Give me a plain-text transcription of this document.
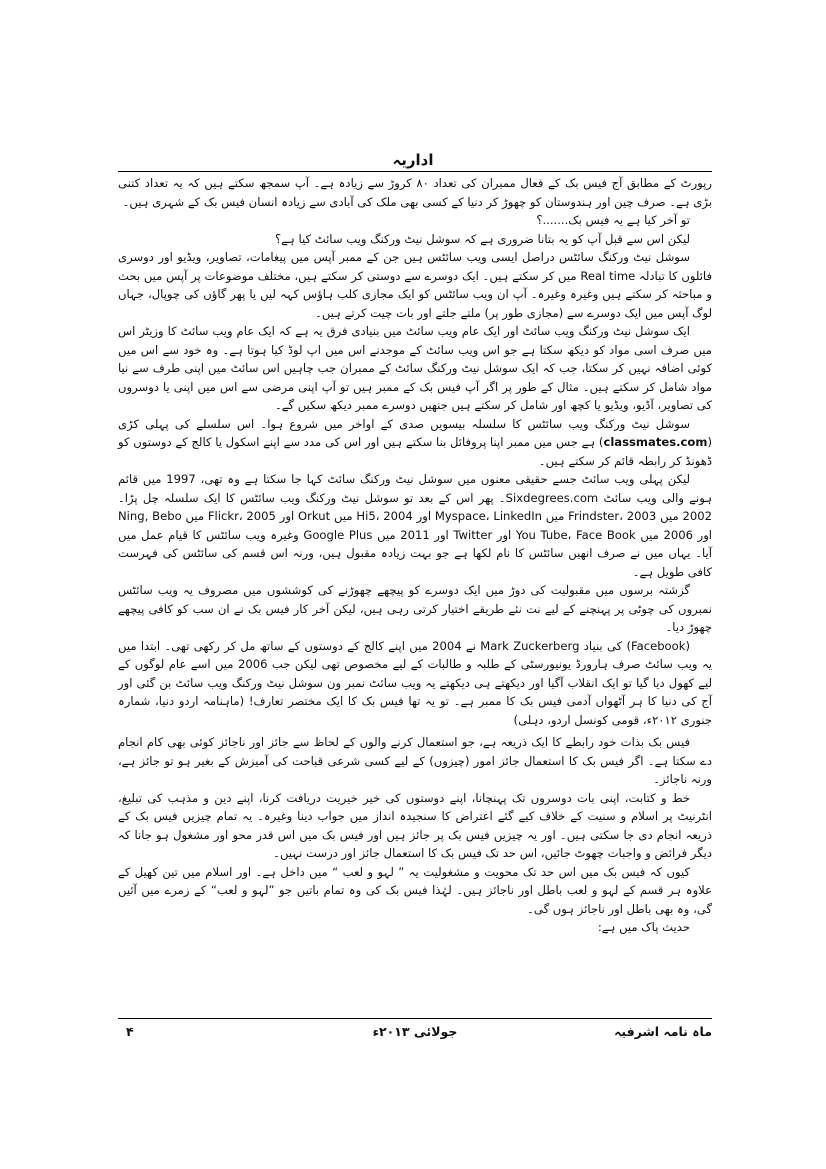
اداریہ

رپورٹ کے مطابق آج فیس بک کے فعال ممبران کی تعداد ۸۰ کروڑ سے زیادہ ہے۔ آپ سمجھ سکتے ہیں کہ یہ تعداد کتنی بڑی ہے۔ صرف چین اور ہندوستان کو چھوڑ کر دنیا کے کسی بھی ملک کی آبادی سے زیادہ انسان فیس بک کے شہری ہیں۔

تو آخر کیا ہے یہ فیس بک.......؟

لیکن اس سے قبل آپ کو یہ بتانا ضروری ہے کہ سوشل نیٹ ورکنگ ویب سائٹ کیا ہے؟

سوشل نیٹ ورکنگ سائٹس دراصل ایسی ویب سائٹس ہیں جن کے ممبر آپس میں پیغامات، تصاویر، ویڈیو اور دوسری فائلوں کا تبادلہ Real time میں کر سکتے ہیں۔ ایک دوسرے سے دوستی کر سکتے ہیں، مختلف موضوعات پر آپس میں بحث و مباحثہ کر سکتے ہیں وغیرہ وغیرہ۔ آپ ان ویب سائٹس کو ایک مجازی کلب ہاؤس کہہ لیں یا پھر گاؤں کی چوپال، جہاں لوگ آپس میں ایک دوسرے سے (مجازی طور پر) ملتے جلتے اور بات چیت کرتے ہیں۔

ایک سوشل نیٹ ورکنگ ویب سائٹ اور ایک عام ویب سائٹ میں بنیادی فرق یہ ہے کہ ایک عام ویب سائٹ کا وزیٹر اس میں صرف اسی مواد کو دیکھ سکتا ہے جو اس ویب سائٹ کے موجدنے اس میں اپ لوڈ کیا ہوتا ہے۔ وہ خود سے اس میں کوئی اضافہ نہیں کر سکتا، جب کہ ایک سوشل نیٹ ورکنگ سائٹ کے ممبران جب چاہیں اس سائٹ میں اپنی طرف سے نیا مواد شامل کر سکتے ہیں۔ مثال کے طور پر اگر آپ فیس بک کے ممبر ہیں تو آپ اپنی مرضی سے اس میں اپنی یا دوسروں کی تصاویر، آڈیو، ویڈیو یا کچھ اور شامل کر سکتے ہیں جنھیں دوسرے ممبر دیکھ سکیں گے۔

سوشل نیٹ ورکنگ ویب سائٹس کا سلسلہ بیسویں صدی کے اواخر میں شروع ہوا۔ اس سلسلے کی پہلی کڑی (classmates.com) ہے جس میں ممبر اپنا پروفائل بنا سکتے ہیں اور اس کی مدد سے اپنے اسکول یا کالج کے دوستوں کو ڈھونڈ کر رابطہ قائم کر سکتے ہیں۔

لیکن پہلی ویب سائٹ جسے حقیقی معنوں میں سوشل نیٹ ورکنگ سائٹ کہا جا سکتا ہے وہ تھی، 1997 میں قائم ہونے والی ویب سائٹ Sixdegrees.com۔ پھر اس کے بعد تو سوشل نیٹ ورکنگ ویب سائٹس کا ایک سلسلہ چل پڑا۔ 2002 میں Frindster، 2003 میں Myspace، LinkedIn اور Hi5، 2004 میں Orkut اور Flickr، 2005 میں Ning, Bebo اور 2006 میں You Tube، Face Book اور Twitter اور 2011 میں Google Plus وغیرہ ویب سائٹس کا قیام عمل میں آیا۔ یہاں میں نے صرف انھیں سائٹس کا نام لکھا ہے جو بہت زیادہ مقبول ہیں، ورنہ اس قسم کی سائٹس کی فہرست کافی طویل ہے۔

گزشتہ برسوں میں مقبولیت کی دوڑ میں ایک دوسرے کو پیچھے چھوڑنے کی کوششوں میں مصروف یہ ویب سائٹس نمبروں کی چوٹی پر پہنچنے کے لیے نت نئے طریقے اختیار کرتی رہی ہیں، لیکن آخر کار فیس بک نے ان سب کو کافی پیچھے چھوڑ دیا۔

(Facebook) کی بنیاد Mark Zuckerberg نے 2004 میں اپنے کالج کے دوستوں کے ساتھ مل کر رکھی تھی۔ ابتدا میں یہ ویب سائٹ صرف ہارورڈ یونیورسٹی کے طلبہ و طالبات کے لیے مخصوص تھی لیکن جب 2006 میں اسے عام لوگوں کے لیے کھول دیا گیا تو ایک انقلاب آگیا اور دیکھتے ہی دیکھتے یہ ویب سائٹ نمبر ون سوشل نیٹ ورکنگ ویب سائٹ بن گئی اور آج کی دنیا کا ہر آٹھواں آدمی فیس بک کا ممبر ہے۔ تو یہ تھا فیس بک کا ایک مختصر تعارف! (ماہنامہ اردو دنیا، شمارہ جنوری ۲۰۱۲ء، قومی کونسل اردو، دہلی)

فیس بک بذات خود رابطے کا ایک ذریعہ ہے، جو استعمال کرنے والوں کے لحاظ سے جائز اور ناجائز کوئی بھی کام انجام دے سکتا ہے۔ اگر فیس بک کا استعمال جائز امور (چیزوں) کے لیے کسی شرعی قباحت کی آمیزش کے بغیر ہو تو جائز ہے، ورنہ ناجائز۔

خط و کتابت، اپنی بات دوسروں تک پہنچانا، اپنے دوستوں کی خیر خیریت دریافت کرنا، اپنے دین و مذہب کی تبلیغ، انٹرنیٹ پر اسلام و سنیت کے خلاف کیے گئے اعتراض کا سنجیدہ انداز میں جواب دینا وغیرہ۔ یہ تمام چیزیں فیس بک کے ذریعہ انجام دی جا سکتی ہیں۔ اور یہ چیزیں فیس بک پر جائز ہیں اور فیس بک میں اس قدر محو اور مشغول ہو جانا کہ دیگر فرائض و واجبات چھوٹ جائیں، اس حد تک فیس بک کا استعمال جائز اور درست نہیں۔

کیوں کہ فیس بک میں اس حد تک محویت و مشغولیت یہ ” لہو و لعب “ میں داخل ہے۔ اور اسلام میں تین کھیل کے علاوہ ہر قسم کے لہو و لعب باطل اور ناجائز ہیں۔ لہٰذا فیس بک کی وہ تمام باتیں جو ”لہو و لعب“ کے زمرے میں آئیں گی، وہ بھی باطل اور ناجائز ہوں گی۔

حدیث پاک میں ہے:

ماہ نامہ اشرفیہ
جولائی ۲۰۱۳ء
۴
